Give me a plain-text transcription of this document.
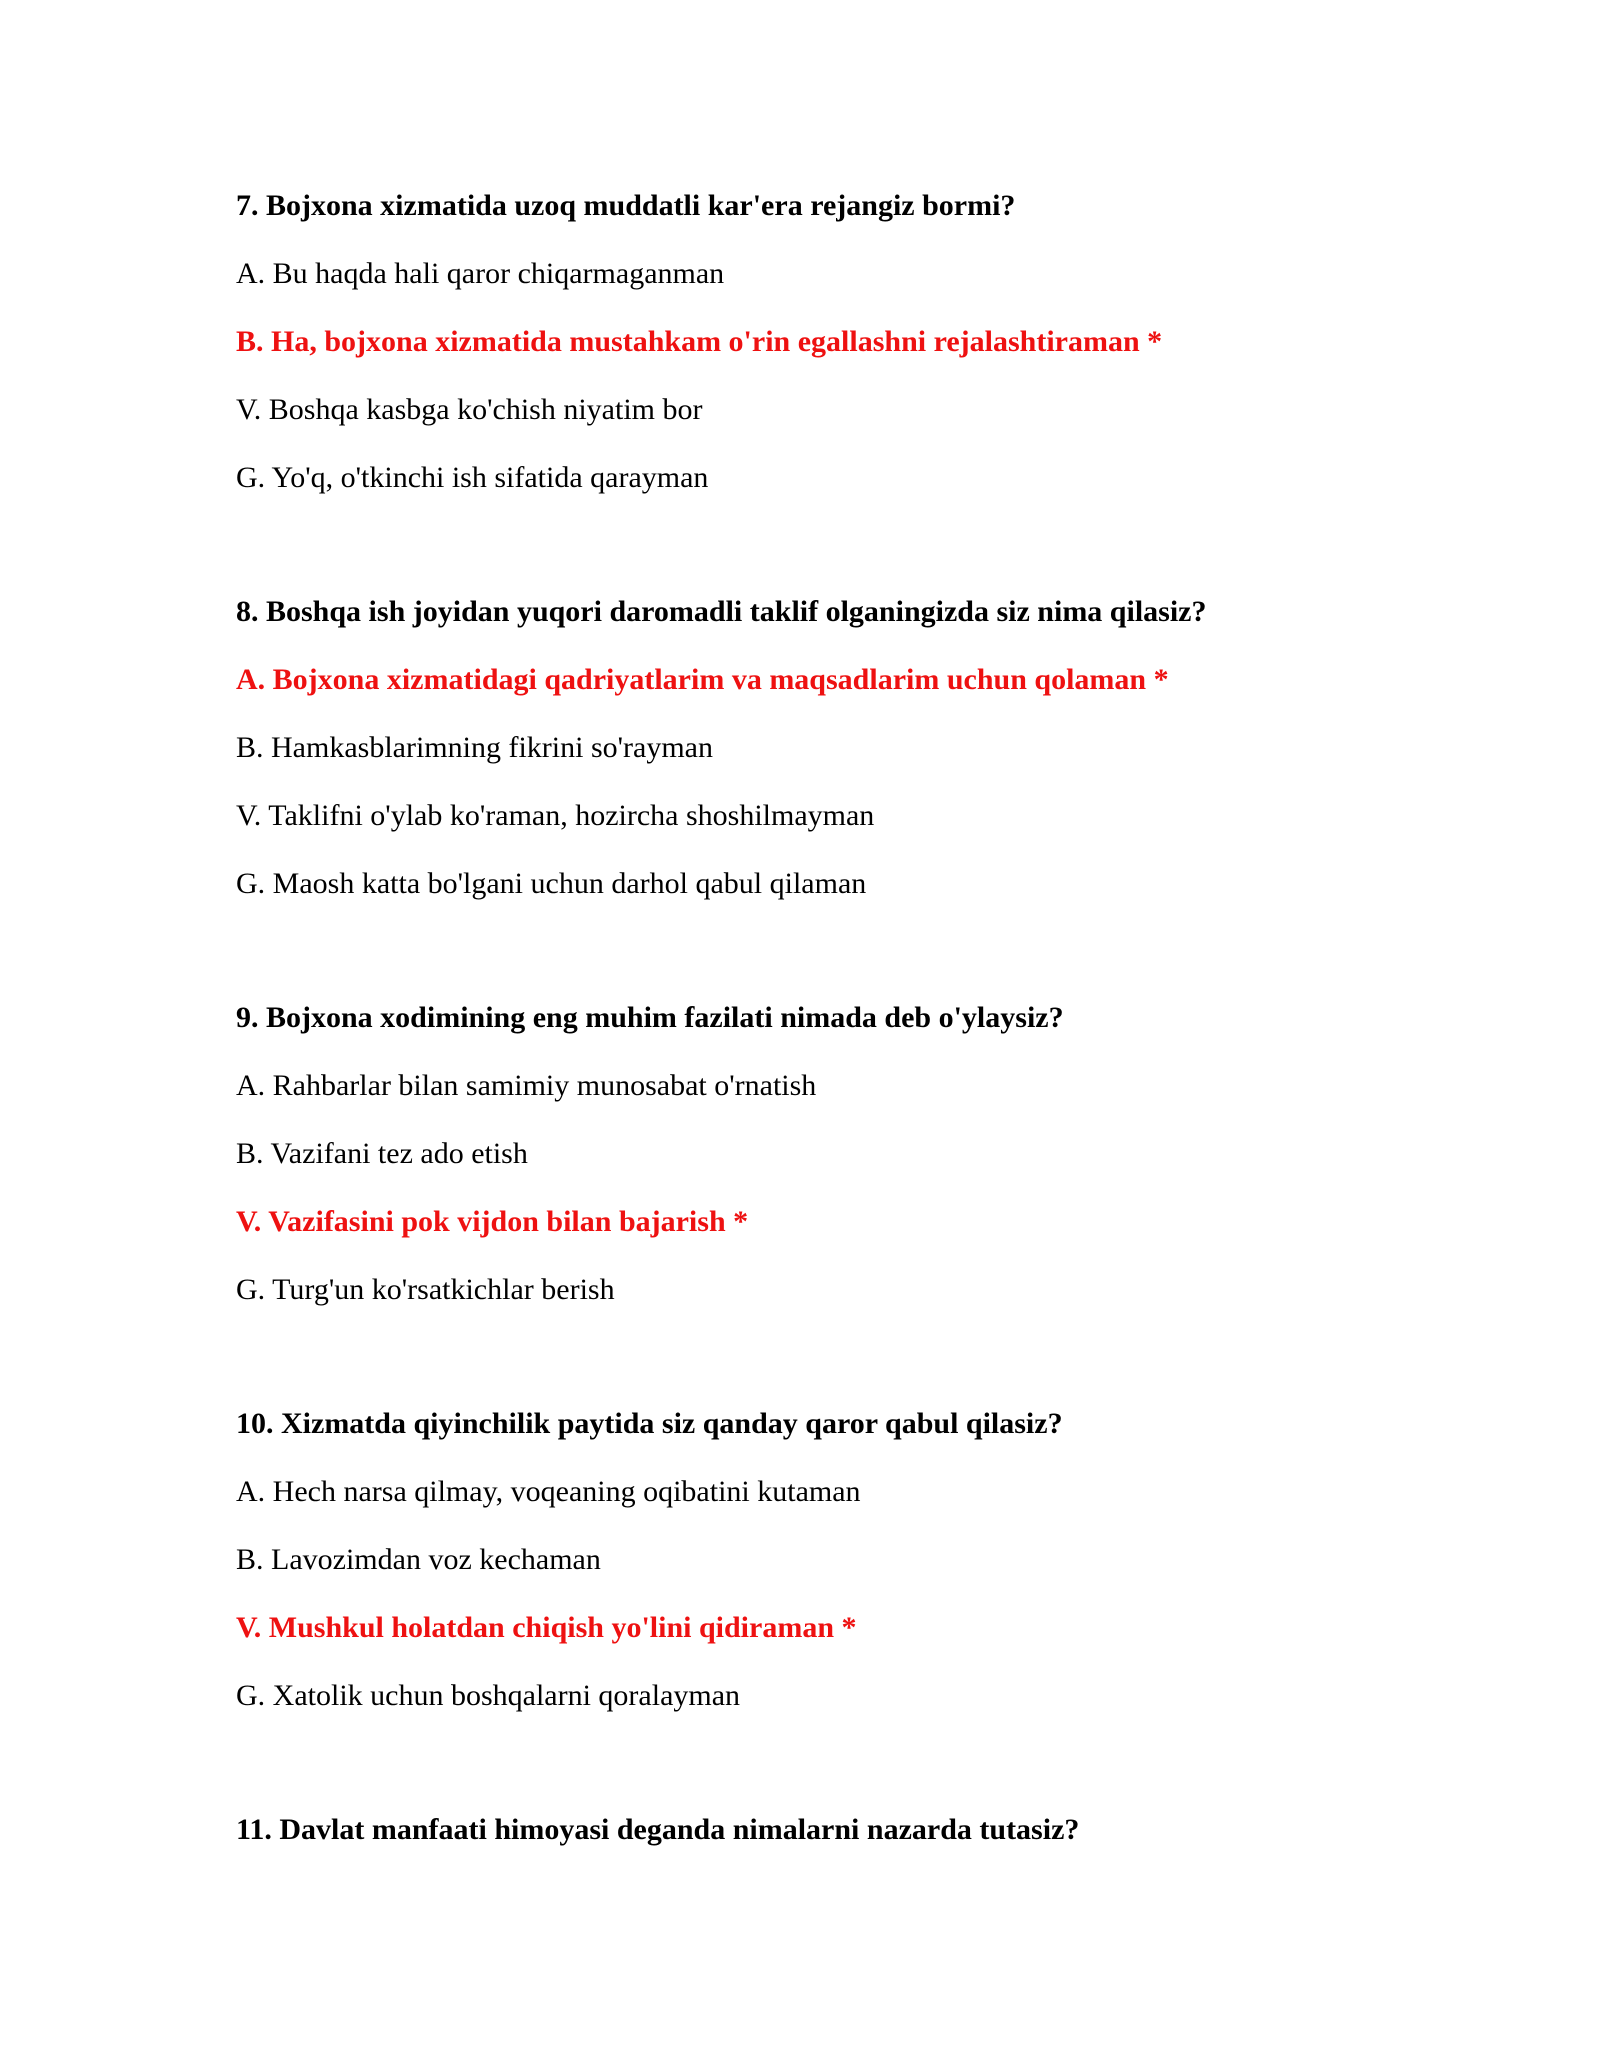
7. Bojxona xizmatida uzoq muddatli kar'era rejangiz bormi?
A. Bu haqda hali qaror chiqarmaganman
B. Ha, bojxona xizmatida mustahkam o'rin egallashni rejalashtiraman *
V. Boshqa kasbga ko'chish niyatim bor
G. Yo'q, o'tkinchi ish sifatida qarayman
8. Boshqa ish joyidan yuqori daromadli taklif olganingizda siz nima qilasiz?
A. Bojxona xizmatidagi qadriyatlarim va maqsadlarim uchun qolaman *
B. Hamkasblarimning fikrini so'rayman
V. Taklifni o'ylab ko'raman, hozircha shoshilmayman
G. Maosh katta bo'lgani uchun darhol qabul qilaman
9. Bojxona xodimining eng muhim fazilati nimada deb o'ylaysiz?
A. Rahbarlar bilan samimiy munosabat o'rnatish
B. Vazifani tez ado etish
V. Vazifasini pok vijdon bilan bajarish *
G. Turg'un ko'rsatkichlar berish
10. Xizmatda qiyinchilik paytida siz qanday qaror qabul qilasiz?
A. Hech narsa qilmay, voqeaning oqibatini kutaman
B. Lavozimdan voz kechaman
V. Mushkul holatdan chiqish yo'lini qidiraman *
G. Xatolik uchun boshqalarni qoralayman
11. Davlat manfaati himoyasi deganda nimalarni nazarda tutasiz?
